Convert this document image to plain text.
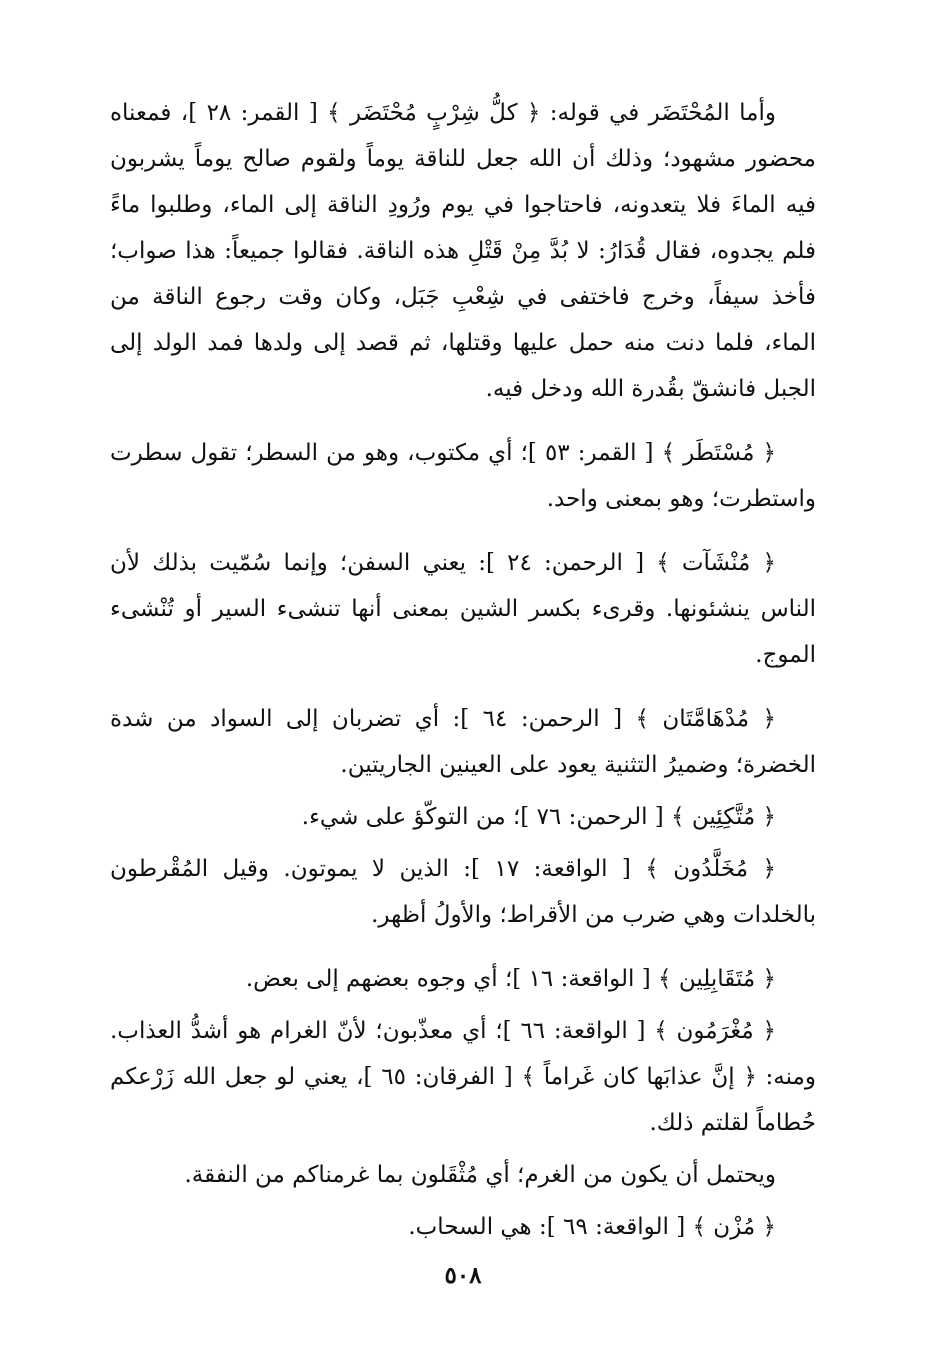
وأما المُحْتَضَر في قوله: ﴿ كلُّ شِرْبٍ مُحْتَضَر ﴾ [ القمر: ٢٨ ]، فمعناه محضور مشهود؛ وذلك أن الله جعل للناقة يوماً ولقوم صالح يوماً يشربون فيه الماءَ فلا يتعدونه، فاحتاجوا في يوم ورُودِ الناقة إلى الماء، وطلبوا ماءً فلم يجدوه، فقال قُدَارُ: لا بُدَّ مِنْ قَتْلِ هذه الناقة. فقالوا جميعاً: هذا صواب؛ فأخذ سيفاً، وخرج فاختفى في شِعْبِ جَبَل، وكان وقت رجوع الناقة من الماء، فلما دنت منه حمل عليها وقتلها، ثم قصد إلى ولدها فمد الولد إلى الجبل فانشقّ بقُدرة الله ودخل فيه.

﴿ مُسْتَطَر ﴾ [ القمر: ٥٣ ]؛ أي مكتوب، وهو من السطر؛ تقول سطرت واستطرت؛ وهو بمعنى واحد.

﴿ مُنْشَآت ﴾ [ الرحمن: ٢٤ ]: يعني السفن؛ وإنما سُمّيت بذلك لأن الناس ينشئونها. وقرىء بكسر الشين بمعنى أنها تنشىء السير أو تُنْشىء الموج.

﴿ مُدْهَامَّتَان ﴾ [ الرحمن: ٦٤ ]: أي تضربان إلى السواد من شدة الخضرة؛ وضميرُ التثنية يعود على العينين الجاريتين.

﴿ مُتَّكِئِين ﴾ [ الرحمن: ٧٦ ]؛ من التوكّؤ على شيء.

﴿ مُخَلَّدُون ﴾ [ الواقعة: ١٧ ]: الذين لا يموتون. وقيل المُقْرطون بالخلدات وهي ضرب من الأقراط؛ والأولُ أظهر.

﴿ مُتَقَابِلِين ﴾ [ الواقعة: ١٦ ]؛ أي وجوه بعضهم إلى بعض.

﴿ مُغْرَمُون ﴾ [ الواقعة: ٦٦ ]؛ أي معذّبون؛ لأنّ الغرام هو أشدُّ العذاب. ومنه: ﴿ إنَّ عذابَها كان غَراماً ﴾ [ الفرقان: ٦٥ ]، يعني لو جعل الله زَرْعكم حُطاماً لقلتم ذلك.

ويحتمل أن يكون من الغرم؛ أي مُثْقَلون بما غرمناكم من النفقة.

﴿ مُزْن ﴾ [ الواقعة: ٦٩ ]: هي السحاب.

٥٠٨
